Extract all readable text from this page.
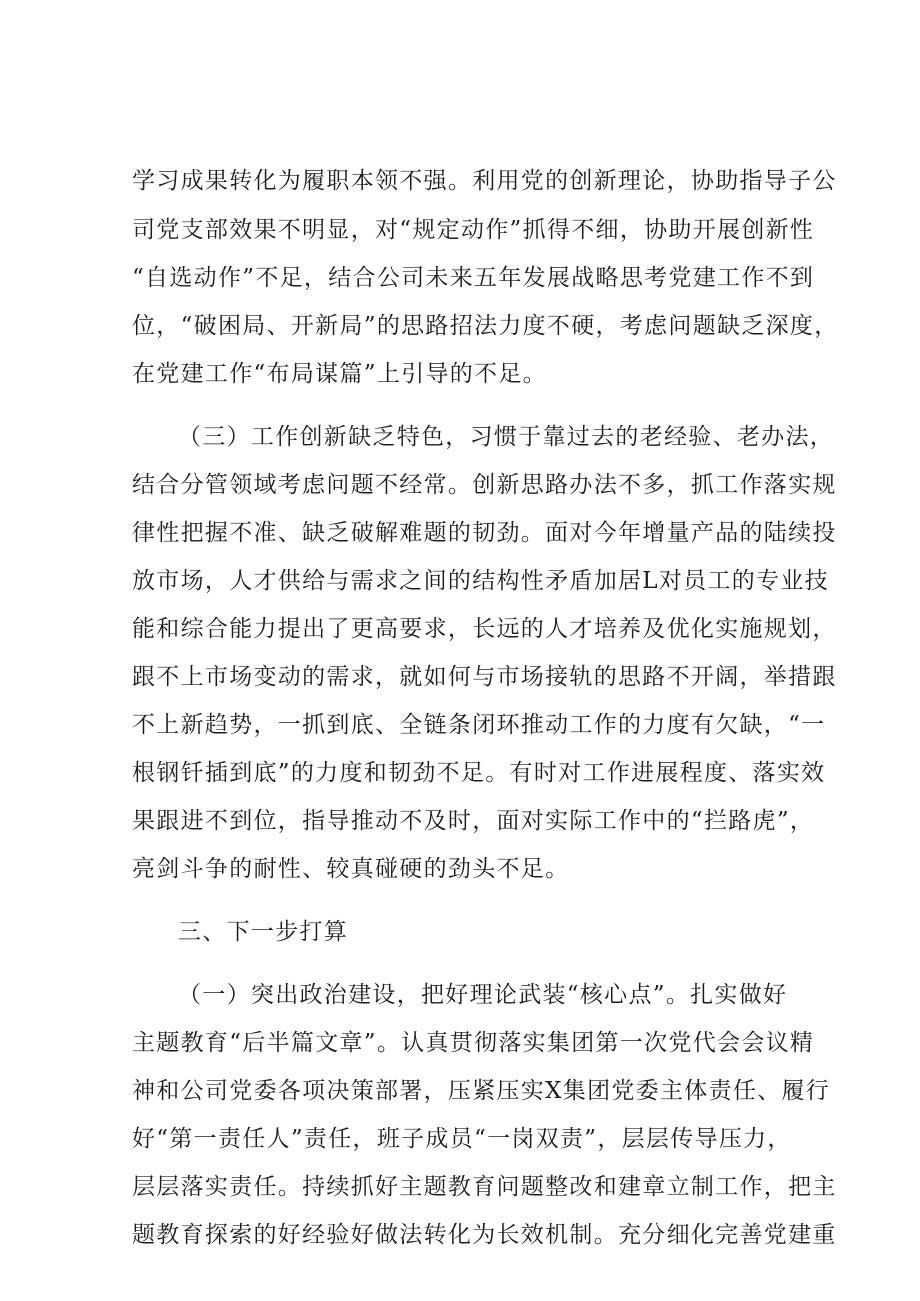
学习成果转化为履职本领不强。利用党的创新理论，协助指导子公
司党支部效果不明显，对“规定动作”抓得不细，协助开展创新性
“自选动作”不足，结合公司未来五年发展战略思考党建工作不到
位，“破困局、开新局”的思路招法力度不硬，考虑问题缺乏深度，
在党建工作“布局谋篇”上引导的不足。
（三）工作创新缺乏特色，习惯于靠过去的老经验、老办法，
结合分管领域考虑问题不经常。创新思路办法不多，抓工作落实规
律性把握不准、缺乏破解难题的韧劲。面对今年增量产品的陆续投
放市场，人才供给与需求之间的结构性矛盾加居L对员工的专业技
能和综合能力提出了更高要求，长远的人才培养及优化实施规划，
跟不上市场变动的需求，就如何与市场接轨的思路不开阔，举措跟
不上新趋势，一抓到底、全链条闭环推动工作的力度有欠缺，“一
根钢钎插到底”的力度和韧劲不足。有时对工作进展程度、落实效
果跟进不到位，指导推动不及时，面对实际工作中的“拦路虎”，
亮剑斗争的耐性、较真碰硬的劲头不足。
三、下一步打算
（一）突出政治建设，把好理论武装“核心点”。扎实做好
主题教育“后半篇文章”。认真贯彻落实集团第一次党代会会议精
神和公司党委各项决策部署，压紧压实X集团党委主体责任、履行
好“第一责任人”责任，班子成员“一岗双责”，层层传导压力，
层层落实责任。持续抓好主题教育问题整改和建章立制工作，把主
题教育探索的好经验好做法转化为长效机制。充分细化完善党建重
